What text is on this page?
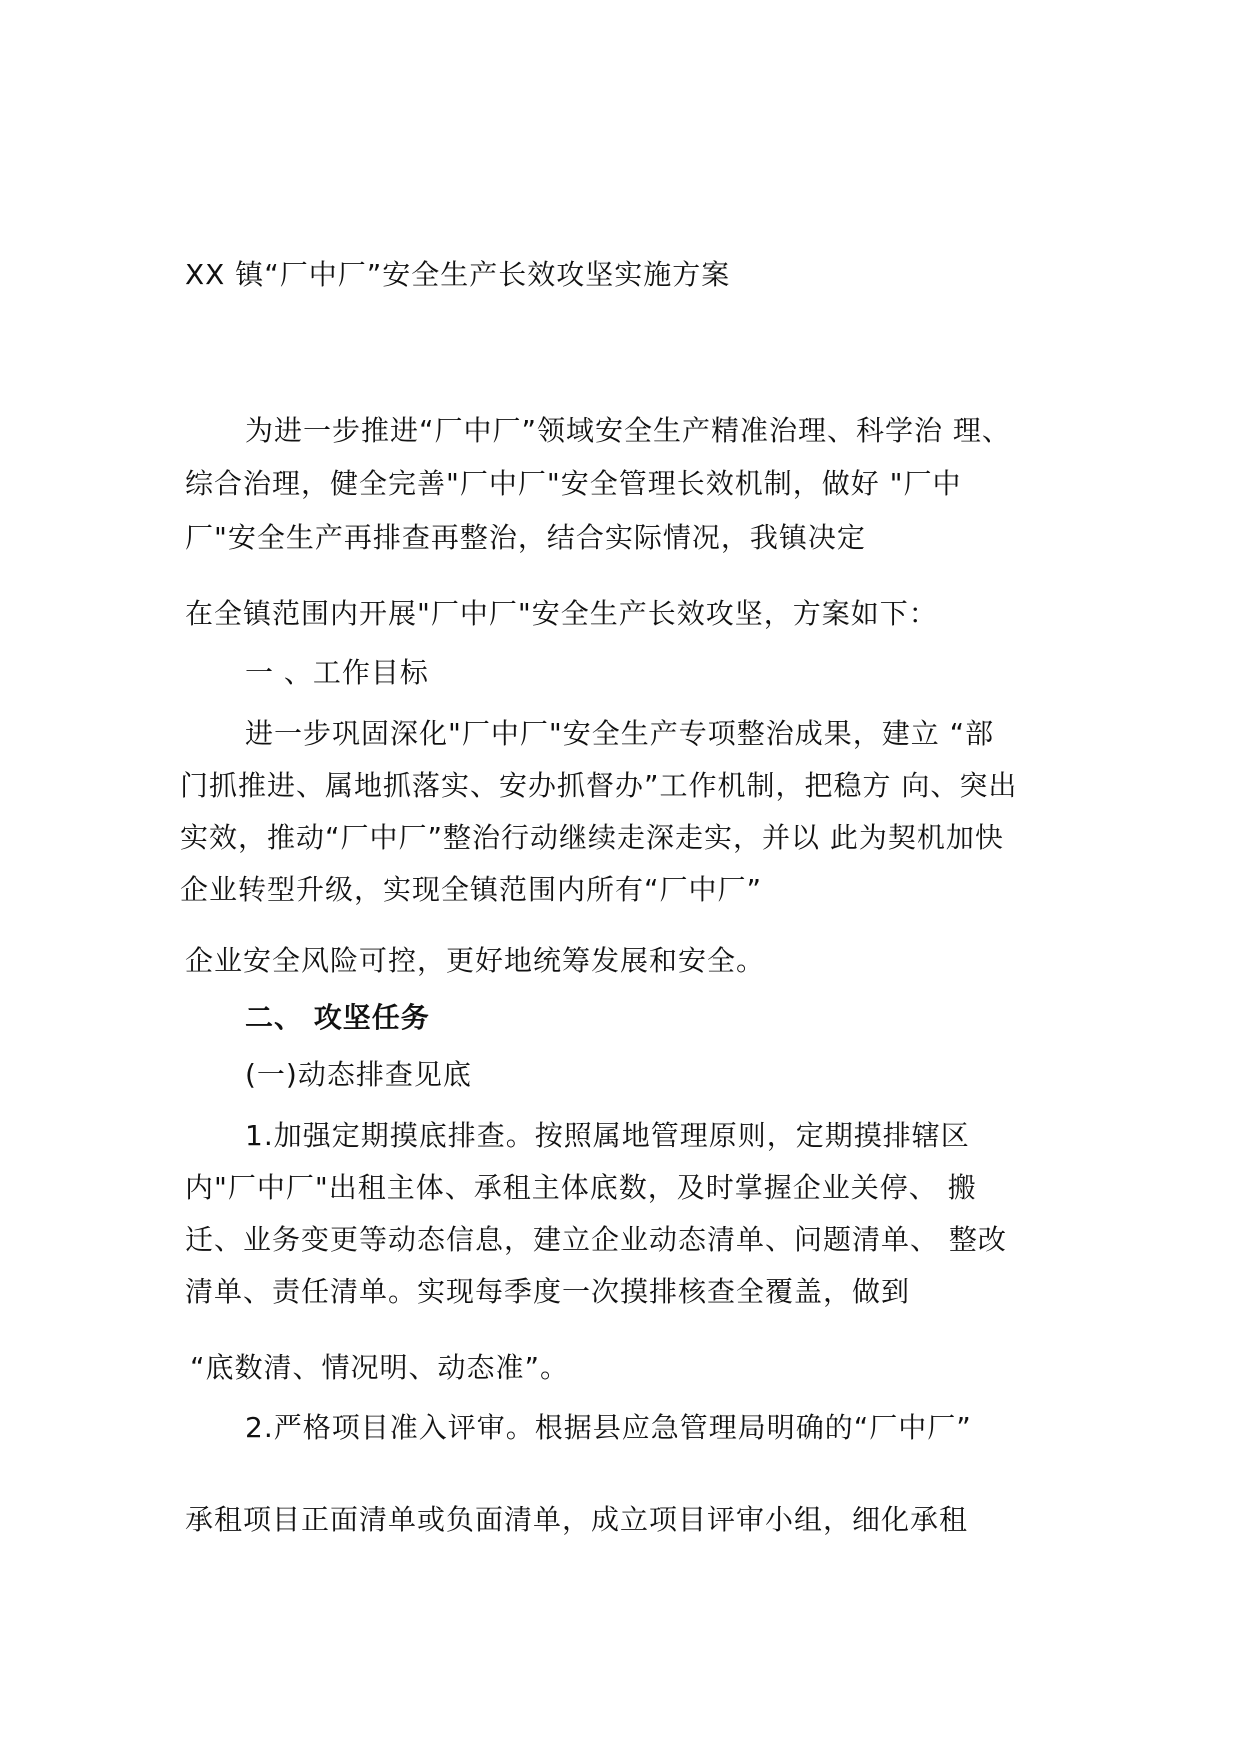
XX 镇“厂中厂”安全生产长效攻坚实施方案
为进一步推进“厂中厂”领域安全生产精准治理、科学治 理、
综合治理，健全完善"厂中厂"安全管理长效机制，做好 "厂中
厂"安全生产再排查再整治，结合实际情况，我镇决定
在全镇范围内开展"厂中厂"安全生产长效攻坚，方案如下：
一 、工作目标
进一步巩固深化"厂中厂"安全生产专项整治成果，建立 “部
门抓推进、属地抓落实、安办抓督办”工作机制，把稳方 向、突出
实效，推动“厂中厂”整治行动继续走深走实，并以 此为契机加快
企业转型升级，实现全镇范围内所有“厂中厂”
企业安全风险可控，更好地统筹发展和安全。
二、 攻坚任务
(一)动态排查见底
1.加强定期摸底排查。按照属地管理原则，定期摸排辖区
内"厂中厂"出租主体、承租主体底数，及时掌握企业关停、 搬
迁、业务变更等动态信息，建立企业动态清单、问题清单、 整改
清单、责任清单。实现每季度一次摸排核查全覆盖，做到
“底数清、情况明、动态准”。
2.严格项目准入评审。根据县应急管理局明确的“厂中厂”
承租项目正面清单或负面清单，成立项目评审小组，细化承租
